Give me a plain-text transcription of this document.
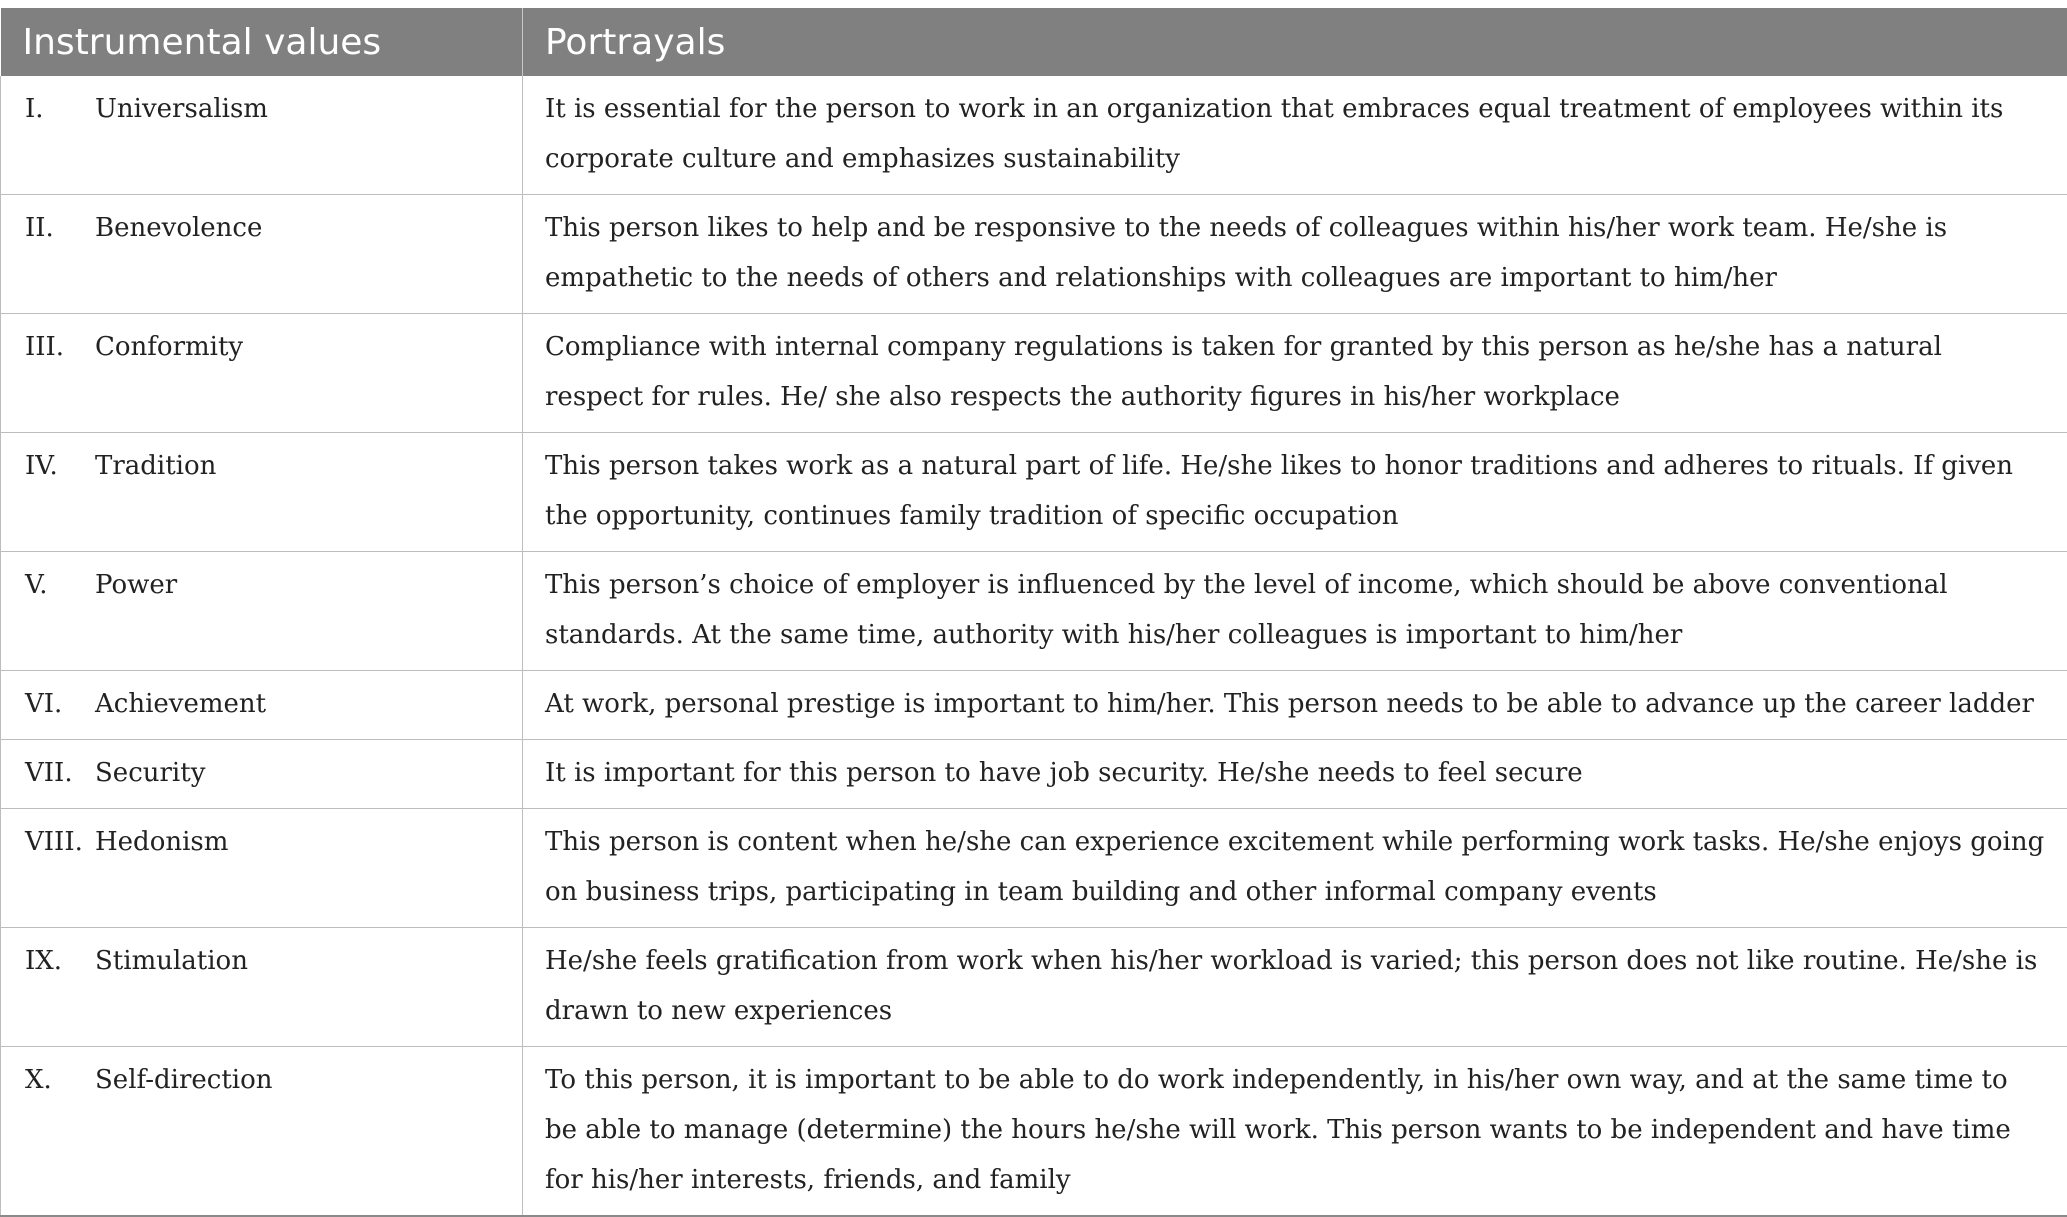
Instrumental values	Portrayals
I. Universalism	It is essential for the person to work in an organization that embraces equal treatment of employees within its corporate culture and emphasizes sustainability
II. Benevolence	This person likes to help and be responsive to the needs of colleagues within his/her work team. He/she is empathetic to the needs of others and relationships with colleagues are important to him/her
III. Conformity	Compliance with internal company regulations is taken for granted by this person as he/she has a natural respect for rules. He/ she also respects the authority figures in his/her workplace
IV. Tradition	This person takes work as a natural part of life. He/she likes to honor traditions and adheres to rituals. If given the opportunity, continues family tradition of specific occupation
V. Power	This person’s choice of employer is influenced by the level of income, which should be above conventional standards. At the same time, authority with his/her colleagues is important to him/her
VI. Achievement	At work, personal prestige is important to him/her. This person needs to be able to advance up the career ladder
VII. Security	It is important for this person to have job security. He/she needs to feel secure
VIII. Hedonism	This person is content when he/she can experience excitement while performing work tasks. He/she enjoys going on business trips, participating in team building and other informal company events
IX. Stimulation	He/she feels gratification from work when his/her workload is varied; this person does not like routine. He/she is drawn to new experiences
X. Self-direction	To this person, it is important to be able to do work independently, in his/her own way, and at the same time to be able to manage (determine) the hours he/she will work. This person wants to be independent and have time for his/her interests, friends, and family
